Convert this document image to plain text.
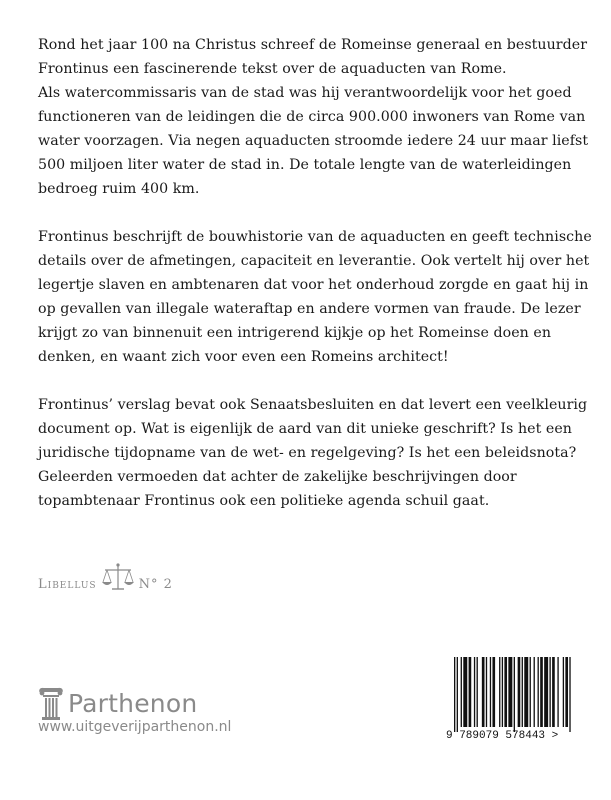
Rond het jaar 100 na Christus schreef de Romeinse generaal en bestuurder
Frontinus een fascinerende tekst over de aquaducten van Rome.
Als watercommissaris van de stad was hij verantwoordelijk voor het goed
functioneren van de leidingen die de circa 900.000 inwoners van Rome van
water voorzagen. Via negen aquaducten stroomde iedere 24 uur maar liefst
500 miljoen liter water de stad in. De totale lengte van de waterleidingen
bedroeg ruim 400 km.
Frontinus beschrijft de bouwhistorie van de aquaducten en geeft technische
details over de afmetingen, capaciteit en leverantie. Ook vertelt hij over het
legertje slaven en ambtenaren dat voor het onderhoud zorgde en gaat hij in
op gevallen van illegale wateraftap en andere vormen van fraude. De lezer
krijgt zo van binnenuit een intrigerend kijkje op het Romeinse doen en
denken, en waant zich voor even een Romeins architect!
Frontinus’ verslag bevat ook Senaatsbesluiten en dat levert een veelkleurig
document op. Wat is eigenlijk de aard van dit unieke geschrift? Is het een
juridische tijdopname van de wet- en regelgeving? Is het een beleidsnota?
Geleerden vermoeden dat achter de zakelijke beschrijvingen door
topambtenaar Frontinus ook een politieke agenda schuil gaat.
Libellus	N° 2
Parthenon
www.uitgeverijparthenon.nl
9 789079 578443 >
